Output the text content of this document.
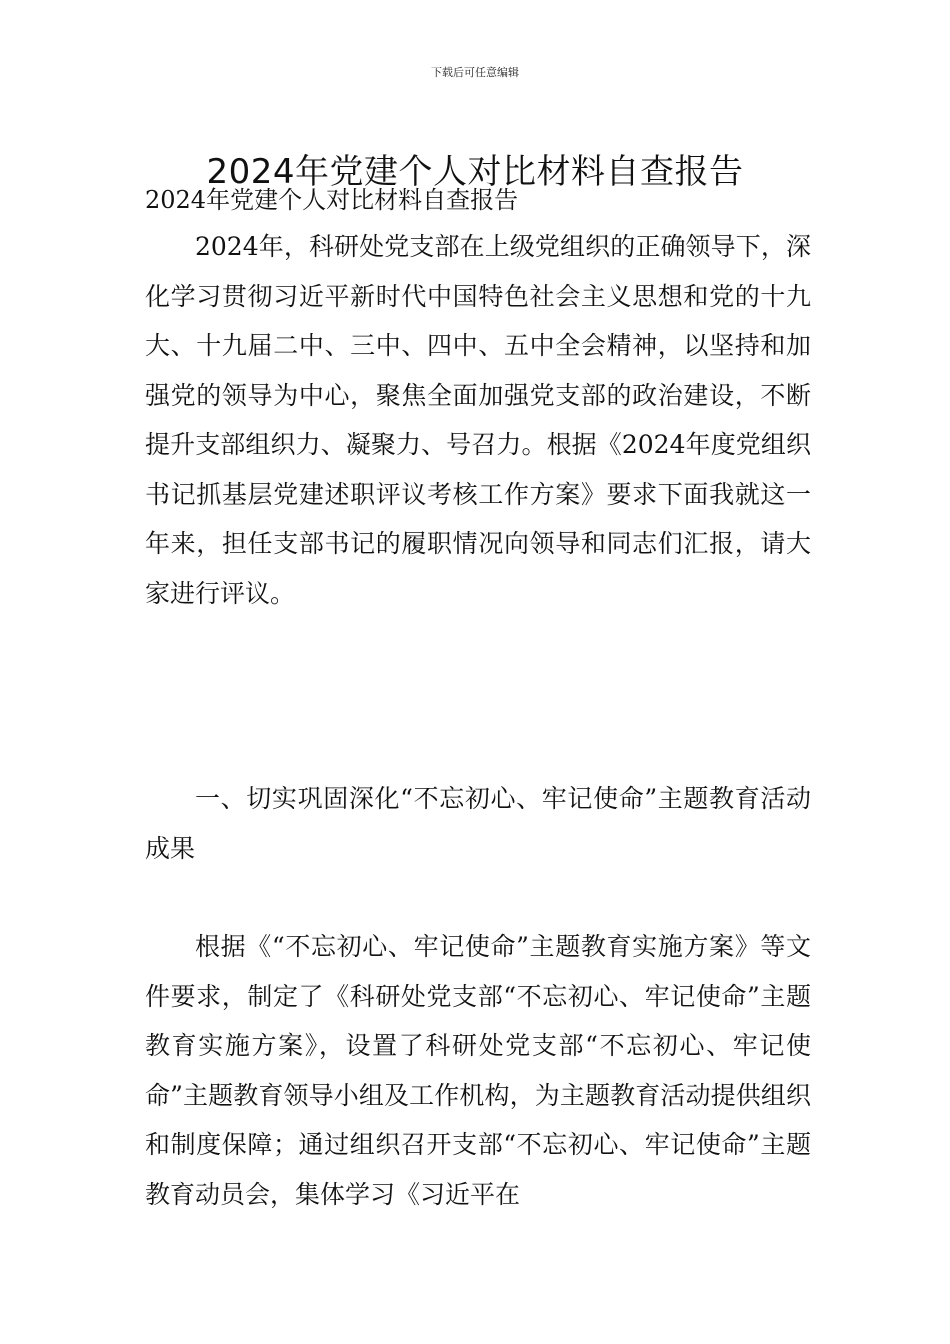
下载后可任意编辑
2024年党建个人对比材料自查报告

2024年党建个人对比材料自查报告

2024年，科研处党支部在上级党组织的正确领导下，深化学习贯彻习近平新时代中国特色社会主义思想和党的十九大、十九届二中、三中、四中、五中全会精神，以坚持和加强党的领导为中心，聚焦全面加强党支部的政治建设，不断提升支部组织力、凝聚力、号召力。根据《2024年度党组织书记抓基层党建述职评议考核工作方案》要求下面我就这一年来，担任支部书记的履职情况向领导和同志们汇报，请大家进行评议。

一、切实巩固深化“不忘初心、牢记使命”主题教育活动成果

根据《“不忘初心、牢记使命”主题教育实施方案》等文件要求，制定了《科研处党支部“不忘初心、牢记使命”主题教育实施方案》，设置了科研处党支部“不忘初心、牢记使命”主题教育领导小组及工作机构，为主题教育活动提供组织和制度保障；通过组织召开支部“不忘初心、牢记使命”主题教育动员会，集体学习《习近平在
